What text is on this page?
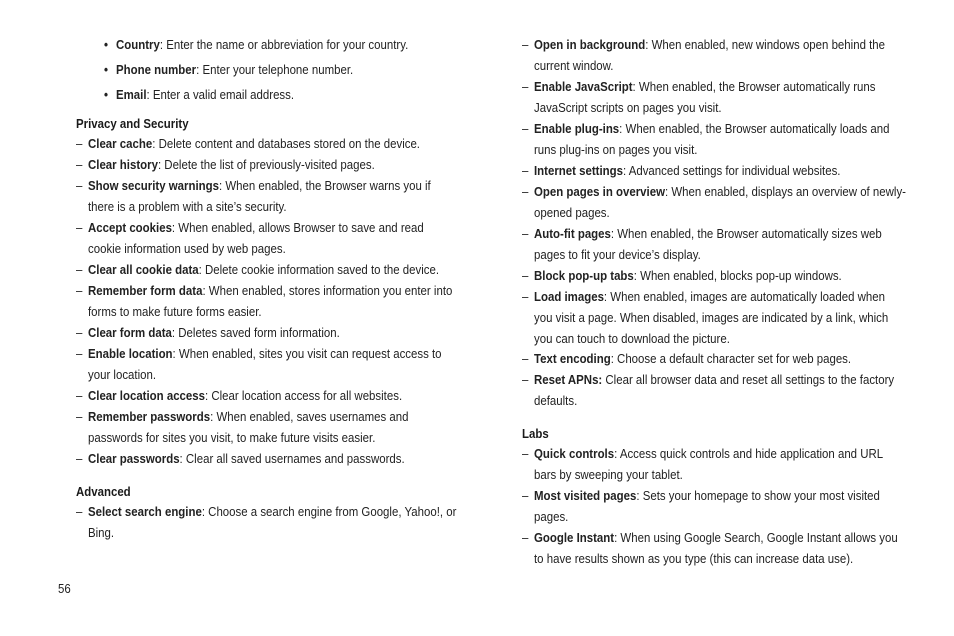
• Country: Enter the name or abbreviation for your country.
• Phone number: Enter your telephone number.
• Email: Enter a valid email address.
Privacy and Security
– Clear cache: Delete content and databases stored on the device.
– Clear history: Delete the list of previously-visited pages.
– Show security warnings: When enabled, the Browser warns you if
there is a problem with a site’s security.
– Accept cookies: When enabled, allows Browser to save and read
cookie information used by web pages.
– Clear all cookie data: Delete cookie information saved to the device.
– Remember form data: When enabled, stores information you enter into
forms to make future forms easier.
– Clear form data: Deletes saved form information.
– Enable location: When enabled, sites you visit can request access to
your location.
– Clear location access: Clear location access for all websites.
– Remember passwords: When enabled, saves usernames and
passwords for sites you visit, to make future visits easier.
– Clear passwords: Clear all saved usernames and passwords.
Advanced
– Select search engine: Choose a search engine from Google, Yahoo!, or
Bing.
– Open in background: When enabled, new windows open behind the
current window.
– Enable JavaScript: When enabled, the Browser automatically runs
JavaScript scripts on pages you visit.
– Enable plug-ins: When enabled, the Browser automatically loads and
runs plug-ins on pages you visit.
– Internet settings: Advanced settings for individual websites.
– Open pages in overview: When enabled, displays an overview of newly-
opened pages.
– Auto-fit pages: When enabled, the Browser automatically sizes web
pages to fit your device’s display.
– Block pop-up tabs: When enabled, blocks pop-up windows.
– Load images: When enabled, images are automatically loaded when
you visit a page. When disabled, images are indicated by a link, which
you can touch to download the picture.
– Text encoding: Choose a default character set for web pages.
– Reset APNs: Clear all browser data and reset all settings to the factory
defaults.
Labs
– Quick controls: Access quick controls and hide application and URL
bars by sweeping your tablet.
– Most visited pages: Sets your homepage to show your most visited
pages.
– Google Instant: When using Google Search, Google Instant allows you
to have results shown as you type (this can increase data use).
56
